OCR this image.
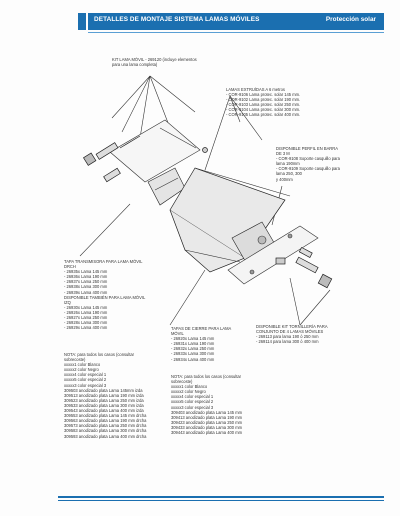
DETALLES DE MONTAJE SISTEMA LAMAS MÓVILES	Protección solar
KIT LAMA MÓVIL - 269120 (incluye elementos
para una lama completa)
LAMAS EXTRUÍDAS A 6 metros
- COR-9106 Lama protec. solar 145 mm.
- COR-9102 Lama protec. solar 190 mm.
- COR-9103 Lama protec. solar 250 mm.
- COR-9104 Lama protec. solar 300 mm.
- COR-9105 Lama protec. solar 400 mm.
DISPONIBLE PERFIL EN BARRA
DE 3 M
- COR-9108 Soporte casquillo para
lama 190mm
- COR-9109 Soporte casquillo para
lama 250, 300
y 400mm
TAPA TRANSMISORA PARA LAMA MÓVIL
DRCH
- 26935x Lama 145 mm
- 26936x Lama 190 mm
- 26937x Lama 250 mm
- 26938x Lama 300 mm
- 26939x Lama 400 mm
DISPONIBLE TAMBIÉN PARA LAMA MÓVIL
IZQ
- 26930x Lama 145 mm
- 26926x Lama 190 mm
- 26927x Lama 250 mm
- 26928x Lama 300 mm
- 26929x Lama 400 mm
NOTA: para todos los casos (consultar
sobrecoste)
xxxxx1 color Blanco
xxxxx2 color Negro
xxxxx4 color especial 1
xxxxx5 color especial 2
xxxxx3 color especial 3
309503 anodizado plata Lama 145mm izda
309513 anodizado plata Lama 190 mm izda
309523 anodizado plata Lama 250 mm izda
309533 anodizado plata Lama 300 mm izda
309543 anodizado plata Lama 400 mm izda
309553 anodizado plata Lama 145 mm drcha
309563 anodizado plata Lama 190 mm drcha
309573 anodizado plata Lama 250 mm drcha
309583 anodizado plata Lama 300 mm drcha
309593 anodizado plata Lama 400 mm drcha
TAPAS DE CIERRE PARA LAMA
MÓVIL
- 26920x Lama 145 mm
- 26931x Lama 190 mm
- 26932x Lama 250 mm
- 26933x Lama 300 mm
- 26934x Lama 400 mm
NOTA: para todos los casos (consultar
sobrecoste)
xxxxx1 color Blanco
xxxxx2 color Negro
xxxxx4 color especial 1
xxxxx5 color especial 2
xxxxx3 color especial 3
309403 anodizado plata Lama 145 mm
309413 anodizado plata Lama 190 mm
309423 anodizado plata Lama 250 mm
309433 anodizado plata Lama 300 mm
309443 anodizado plata Lama 400 mm
DISPONIBLE KIT TORNILLERÍA PARA
CONJUNTO DE 4 LAMAS MÓVILES
- 269113 para lama 190 ó 250 mm
- 269114 para lama 300 ó 400 mm
